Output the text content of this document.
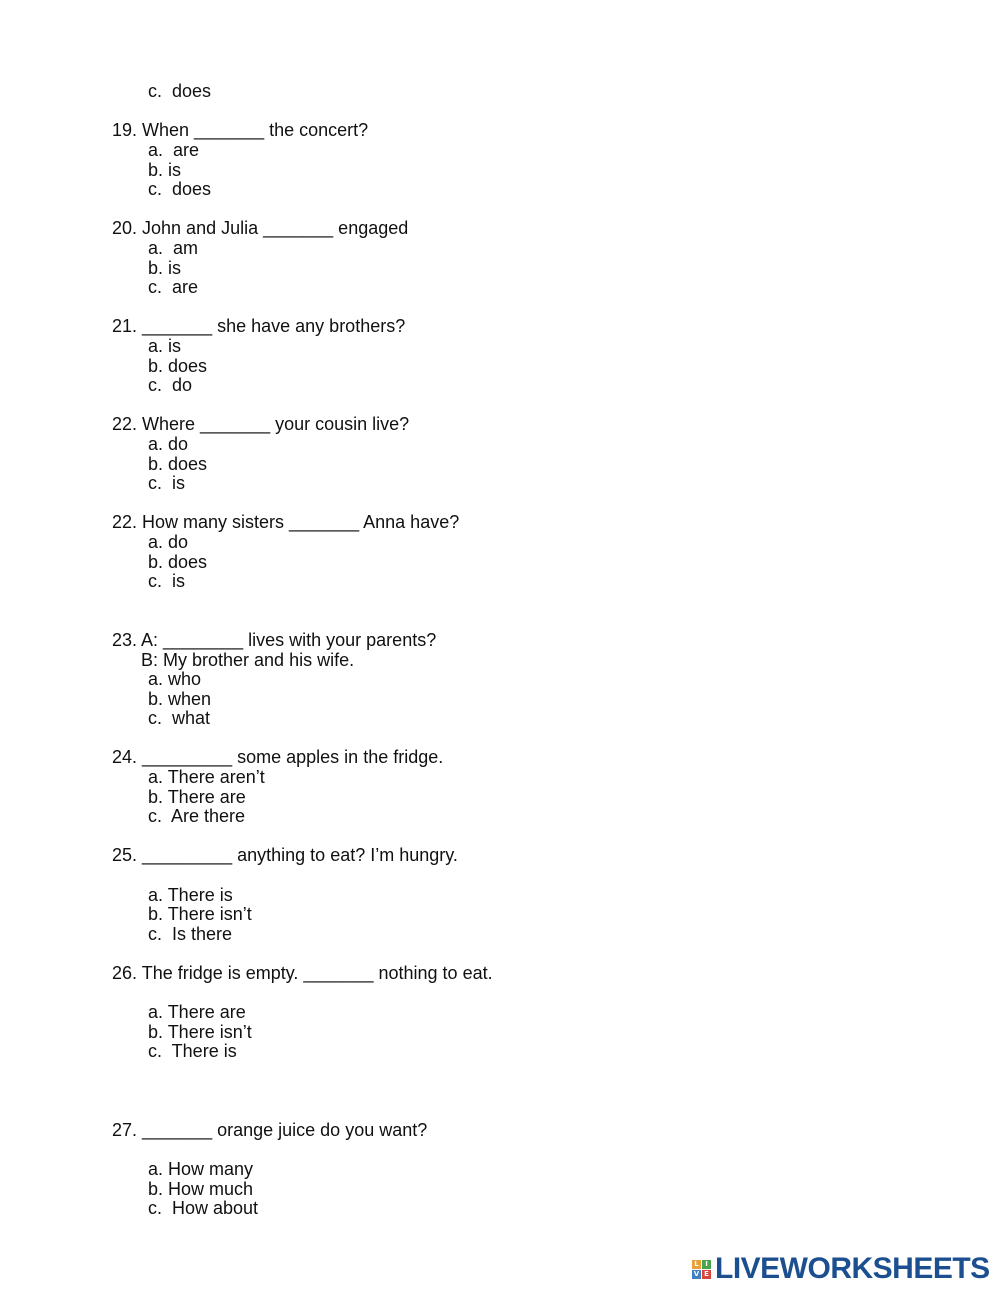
c.  does
19. When _______ the concert?
a.  are
b. is
c.  does
20. John and Julia _______ engaged
a.  am
b. is
c.  are
21. _______ she have any brothers?
a. is
b. does
c.  do
22. Where _______ your cousin live?
a. do
b. does
c.  is
22. How many sisters _______ Anna have?
a. do
b. does
c.  is
23. A: ________ lives with your parents?
B: My brother and his wife.
a. who
b. when
c.  what
24. _________ some apples in the fridge.
a. There aren’t
b. There are
c.  Are there
25. _________ anything to eat? I’m hungry.
a. There is
b. There isn’t
c.  Is there
26. The fridge is empty. _______ nothing to eat.
a. There are
b. There isn’t
c.  There is
27. _______ orange juice do you want?
a. How many
b. How much
c.  How about
L I
V E LIVEWORKSHEETS
